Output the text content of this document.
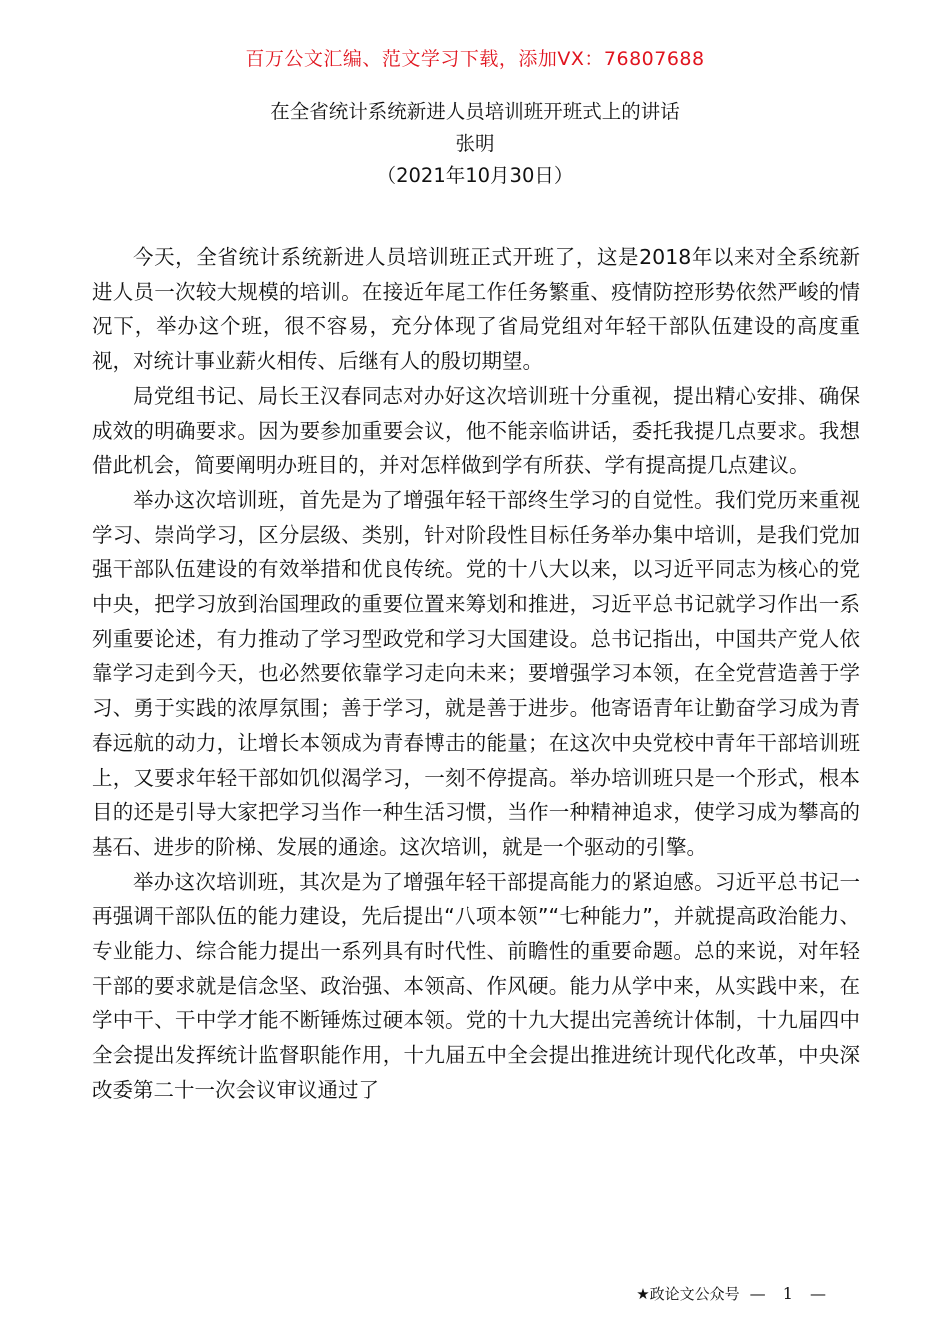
百万公文汇编、范文学习下载，添加VX：76807688
在全省统计系统新进人员培训班开班式上的讲话
张明
（2021年10月30日）

今天，全省统计系统新进人员培训班正式开班了，这是2018年以来对全系统新进人员一次较大规模的培训。在接近年尾工作任务繁重、疫情防控形势依然严峻的情况下，举办这个班，很不容易，充分体现了省局党组对年轻干部队伍建设的高度重视，对统计事业薪火相传、后继有人的殷切期望。

局党组书记、局长王汉春同志对办好这次培训班十分重视，提出精心安排、确保成效的明确要求。因为要参加重要会议，他不能亲临讲话，委托我提几点要求。我想借此机会，简要阐明办班目的，并对怎样做到学有所获、学有提高提几点建议。

举办这次培训班，首先是为了增强年轻干部终生学习的自觉性。我们党历来重视学习、崇尚学习，区分层级、类别，针对阶段性目标任务举办集中培训，是我们党加强干部队伍建设的有效举措和优良传统。党的十八大以来，以习近平同志为核心的党中央，把学习放到治国理政的重要位置来筹划和推进，习近平总书记就学习作出一系列重要论述，有力推动了学习型政党和学习大国建设。总书记指出，中国共产党人依靠学习走到今天，也必然要依靠学习走向未来；要增强学习本领，在全党营造善于学习、勇于实践的浓厚氛围；善于学习，就是善于进步。他寄语青年让勤奋学习成为青春远航的动力，让增长本领成为青春博击的能量；在这次中央党校中青年干部培训班上，又要求年轻干部如饥似渴学习，一刻不停提高。举办培训班只是一个形式，根本目的还是引导大家把学习当作一种生活习惯，当作一种精神追求，使学习成为攀高的基石、进步的阶梯、发展的通途。这次培训，就是一个驱动的引擎。

举办这次培训班，其次是为了增强年轻干部提高能力的紧迫感。习近平总书记一再强调干部队伍的能力建设，先后提出“八项本领”“七种能力”，并就提高政治能力、专业能力、综合能力提出一系列具有时代性、前瞻性的重要命题。总的来说，对年轻干部的要求就是信念坚、政治强、本领高、作风硬。能力从学中来，从实践中来，在学中干、干中学才能不断锤炼过硬本领。党的十九大提出完善统计体制，十九届四中全会提出发挥统计监督职能作用，十九届五中全会提出推进统计现代化改革，中央深改委第二十一次会议审议通过了

★政论文公众号 — 1 —
